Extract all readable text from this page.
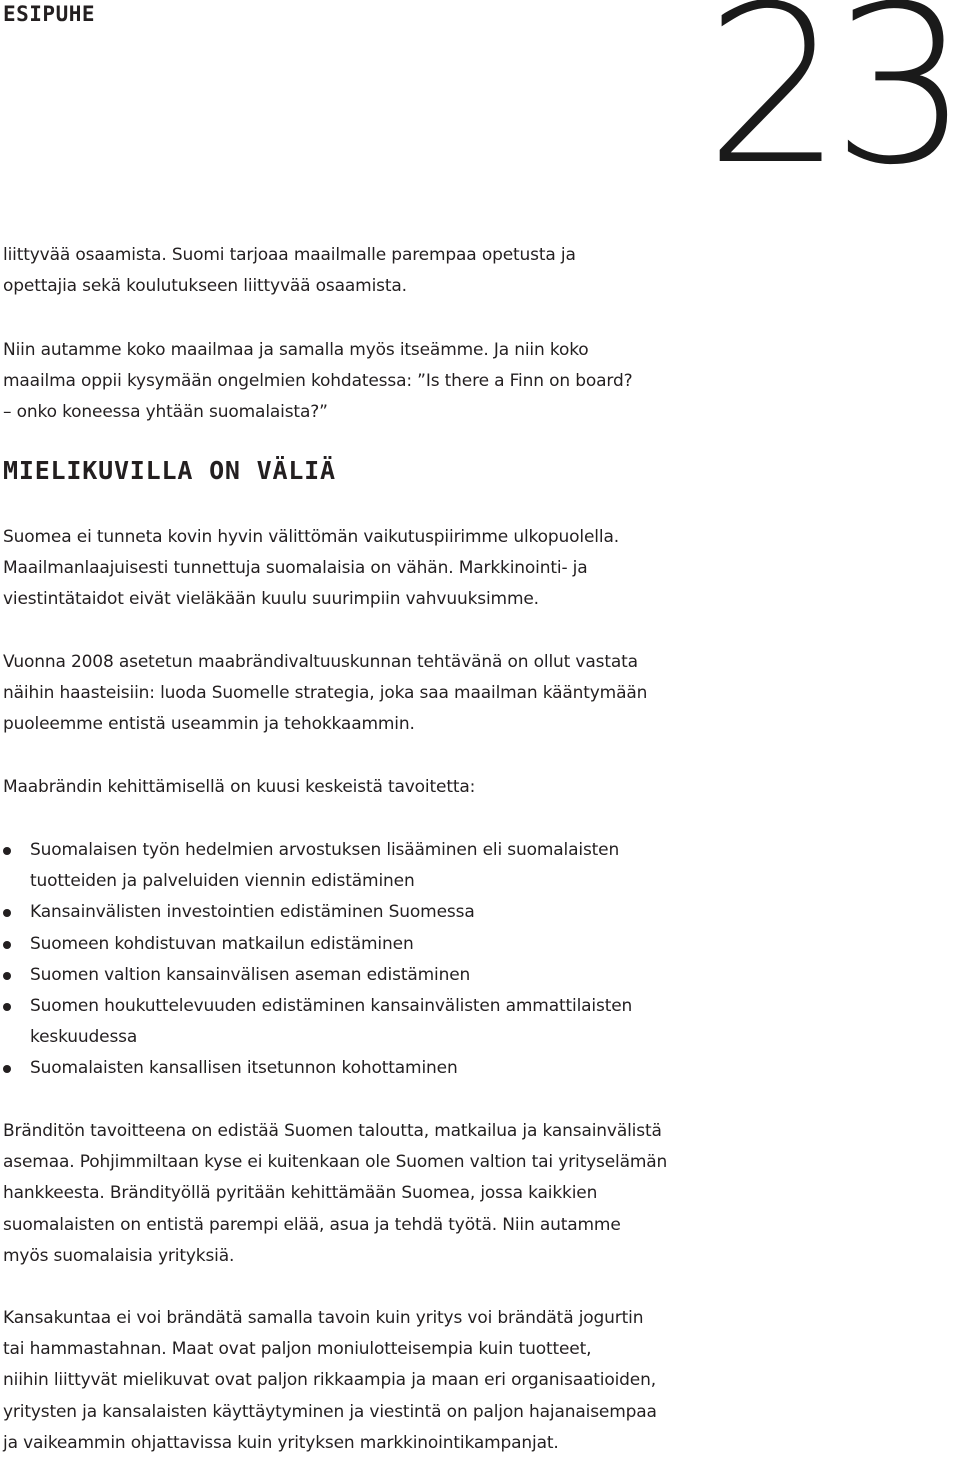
ESIPUHE	23

liittyvää osaamista. Suomi tarjoaa maailmalle parempaa opetusta ja
opettajia sekä koulutukseen liittyvää osaamista.

Niin autamme koko maailmaa ja samalla myös itseämme. Ja niin koko
maailma oppii kysymään ongelmien kohdatessa: ”Is there a Finn on board?
– onko koneessa yhtään suomalaista?”

MIELIKUVILLA ON VÄLIÄ

Suomea ei tunneta kovin hyvin välittömän vaikutuspiirimme ulkopuolella.
Maailmanlaajuisesti tunnettuja suomalaisia on vähän. Markkinointi- ja
viestintätaidot eivät vieläkään kuulu suurimpiin vahvuuksimme.

Vuonna 2008 asetetun maabrändivaltuuskunnan tehtävänä on ollut vastata
näihin haasteisiin: luoda Suomelle strategia, joka saa maailman kääntymään
puoleemme entistä useammin ja tehokkaammin.

Maabrändin kehittämisellä on kuusi keskeistä tavoitetta:

Suomalaisen työn hedelmien arvostuksen lisääminen eli suomalaisten
tuotteiden ja palveluiden viennin edistäminen
Kansainvälisten investointien edistäminen Suomessa
Suomeen kohdistuvan matkailun edistäminen
Suomen valtion kansainvälisen aseman edistäminen
Suomen houkuttelevuuden edistäminen kansainvälisten ammattilaisten
keskuudessa
Suomalaisten kansallisen itsetunnon kohottaminen

Bränditön tavoitteena on edistää Suomen taloutta, matkailua ja kansainvälistä
asemaa. Pohjimmiltaan kyse ei kuitenkaan ole Suomen valtion tai yrityselämän
hankkeesta. Brändityöllä pyritään kehittämään Suomea, jossa kaikkien
suomalaisten on entistä parempi elää, asua ja tehdä työtä. Niin autamme
myös suomalaisia yrityksiä.

Kansakuntaa ei voi brändätä samalla tavoin kuin yritys voi brändätä jogurtin
tai hammastahnan. Maat ovat paljon moniulotteisempia kuin tuotteet,
niihin liittyvät mielikuvat ovat paljon rikkaampia ja maan eri organisaatioiden,
yritysten ja kansalaisten käyttäytyminen ja viestintä on paljon hajanaisempaa
ja vaikeammin ohjattavissa kuin yrityksen markkinointikampanjat.
